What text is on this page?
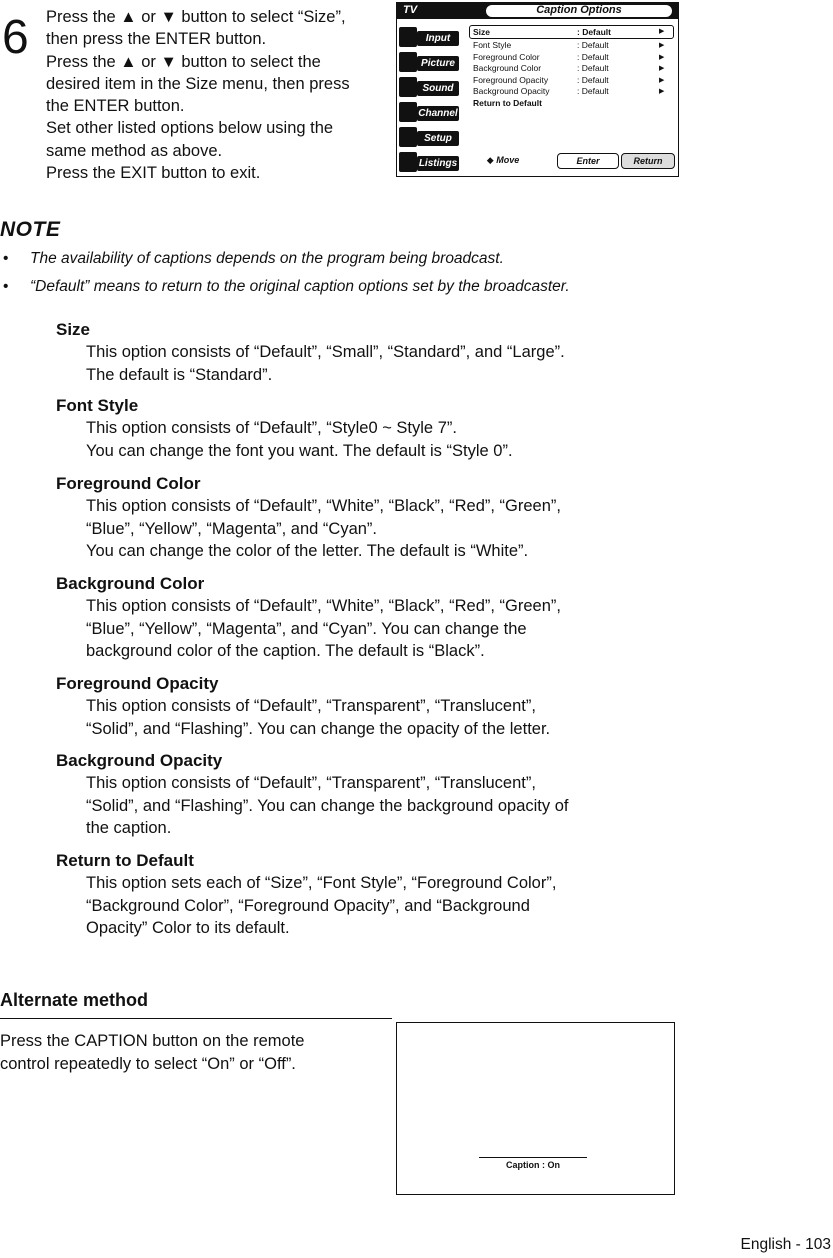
6 Press the ▲ or ▼ button to select “Size”,
then press the ENTER button.
Press the ▲ or ▼ button to select the
desired item in the Size menu, then press
the ENTER button.
Set other listed options below using the
same method as above.
Press the EXIT button to exit.
TV	Caption Options
Input
Picture
Sound
Channel
Setup
Listings
Size	: Default	▶
Font Style	: Default	▶
Foreground Color	: Default	▶
Background Color	: Default	▶
Foreground Opacity	: Default	▶
Background Opacity	: Default	▶
Return to Default
◆ Move	Enter	Return
NOTE
• The availability of captions depends on the program being broadcast.
• “Default” means to return to the original caption options set by the broadcaster.
Size
This option consists of “Default”, “Small”, “Standard”, and “Large”.
The default is “Standard”.
Font Style
This option consists of “Default”, “Style0 ~ Style 7”.
You can change the font you want. The default is “Style 0”.
Foreground Color
This option consists of “Default”, “White”, “Black”, “Red”, “Green”,
“Blue”, “Yellow”, “Magenta”, and “Cyan”.
You can change the color of the letter. The default is “White”.
Background Color
This option consists of “Default”, “White”, “Black”, “Red”, “Green”,
“Blue”, “Yellow”, “Magenta”, and “Cyan”. You can change the
background color of the caption. The default is “Black”.
Foreground Opacity
This option consists of “Default”, “Transparent”, “Translucent”,
“Solid”, and “Flashing”. You can change the opacity of the letter.
Background Opacity
This option consists of “Default”, “Transparent”, “Translucent”,
“Solid”, and “Flashing”. You can change the background opacity of
the caption.
Return to Default
This option sets each of “Size”, “Font Style”, “Foreground Color”,
“Background Color”, “Foreground Opacity”, and “Background
Opacity” Color to its default.
Alternate method
Press the CAPTION button on the remote
control repeatedly to select “On” or “Off”.
Caption : On
English - 103
